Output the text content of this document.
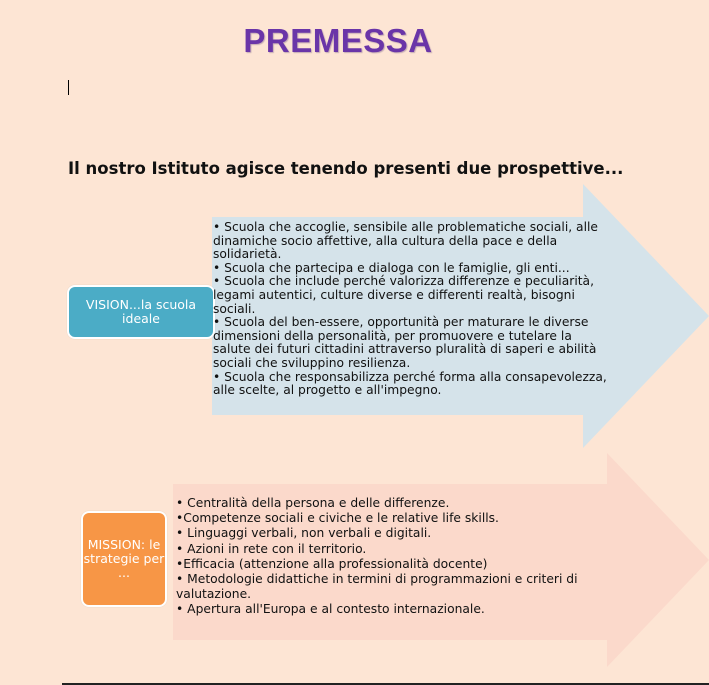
PREMESSA
Il nostro Istituto agisce tenendo presenti due prospettive...
VISION...la scuola ideale
• Scuola che accoglie, sensibile alle problematiche sociali, alle dinamiche socio affettive, alla cultura della pace e della solidarietà.
• Scuola che partecipa e dialoga con le famiglie, gli enti...
• Scuola che include perché valorizza differenze e peculiarità, legami autentici, culture diverse e differenti realtà, bisogni sociali.
• Scuola del ben-essere, opportunità per maturare le diverse dimensioni della personalità, per promuovere e tutelare la salute dei futuri cittadini attraverso pluralità di saperi e abilità sociali che sviluppino resilienza.
• Scuola che responsabilizza perché forma alla consapevolezza, alle scelte, al progetto e all'impegno.
MISSION: le strategie per ...
• Centralità della persona e delle differenze.
•Competenze sociali e civiche e le relative life skills.
• Linguaggi verbali, non verbali e digitali.
• Azioni in rete con il territorio.
•Efficacia (attenzione alla professionalità docente)
• Metodologie didattiche in termini di programmazioni e criteri di valutazione.
• Apertura all'Europa e al contesto internazionale.
